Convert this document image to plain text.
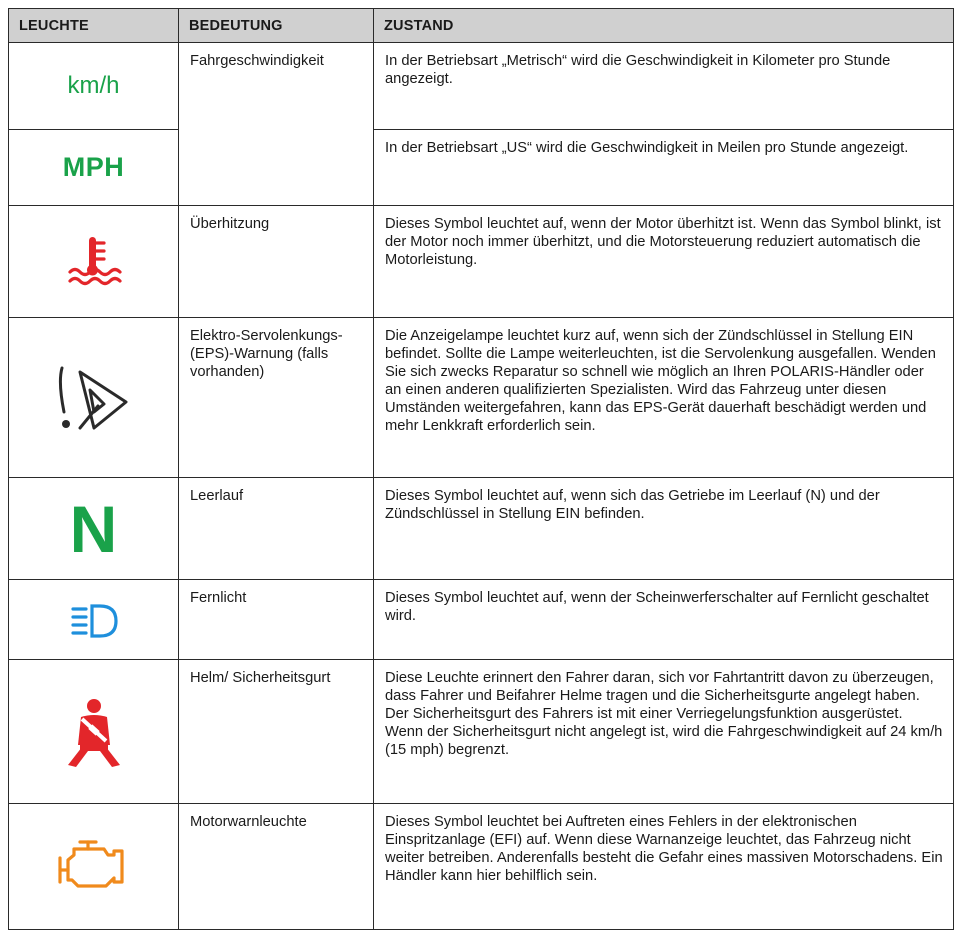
LEUCHTE	BEDEUTUNG	ZUSTAND
km/h	Fahrgeschwindigkeit	In der Betriebsart „Metrisch“ wird die Geschwindigkeit in Kilometer pro Stunde angezeigt.
MPH		In der Betriebsart „US“ wird die Geschwindigkeit in Meilen pro Stunde angezeigt.

	Überhitzung	Dieses Symbol leuchtet auf, wenn der Motor überhitzt ist. Wenn das Symbol blinkt, ist der Motor noch immer überhitzt, und die Motorsteuerung reduziert automatisch die Motorleistung.

	Elektro-Servolenkungs-(EPS)-Warnung (falls vorhanden)	Die Anzeigelampe leuchtet kurz auf, wenn sich der Zündschlüssel in Stellung EIN befindet. Sollte die Lampe weiterleuchten, ist die Servolenkung ausgefallen. Wenden Sie sich zwecks Reparatur so schnell wie möglich an Ihren POLARIS-Händler oder an einen anderen qualifizierten Spezialisten. Wird das Fahrzeug unter diesen Umständen weitergefahren, kann das EPS-Gerät dauerhaft beschädigt werden und mehr Lenkkraft erforderlich sein.
N	Leerlauf	Dieses Symbol leuchtet auf, wenn sich das Getriebe im Leerlauf (N) und der Zündschlüssel in Stellung EIN befinden.

	Fernlicht	Dieses Symbol leuchtet auf, wenn der Scheinwerferschalter auf Fernlicht geschaltet wird.

	Helm/ Sicherheitsgurt	Diese Leuchte erinnert den Fahrer daran, sich vor Fahrtantritt davon zu überzeugen, dass Fahrer und Beifahrer Helme tragen und die Sicherheitsgurte angelegt haben. Der Sicherheitsgurt des Fahrers ist mit einer Verriegelungsfunktion ausgerüstet. Wenn der Sicherheitsgurt nicht angelegt ist, wird die Fahrgeschwindigkeit auf 24 km/h (15 mph) begrenzt.

	Motorwarnleuchte	Dieses Symbol leuchtet bei Auftreten eines Fehlers in der elektronischen Einspritzanlage (EFI) auf. Wenn diese Warnanzeige leuchtet, das Fahrzeug nicht weiter betreiben. Anderenfalls besteht die Gefahr eines massiven Motorschadens. Ein Händler kann hier behilflich sein.
